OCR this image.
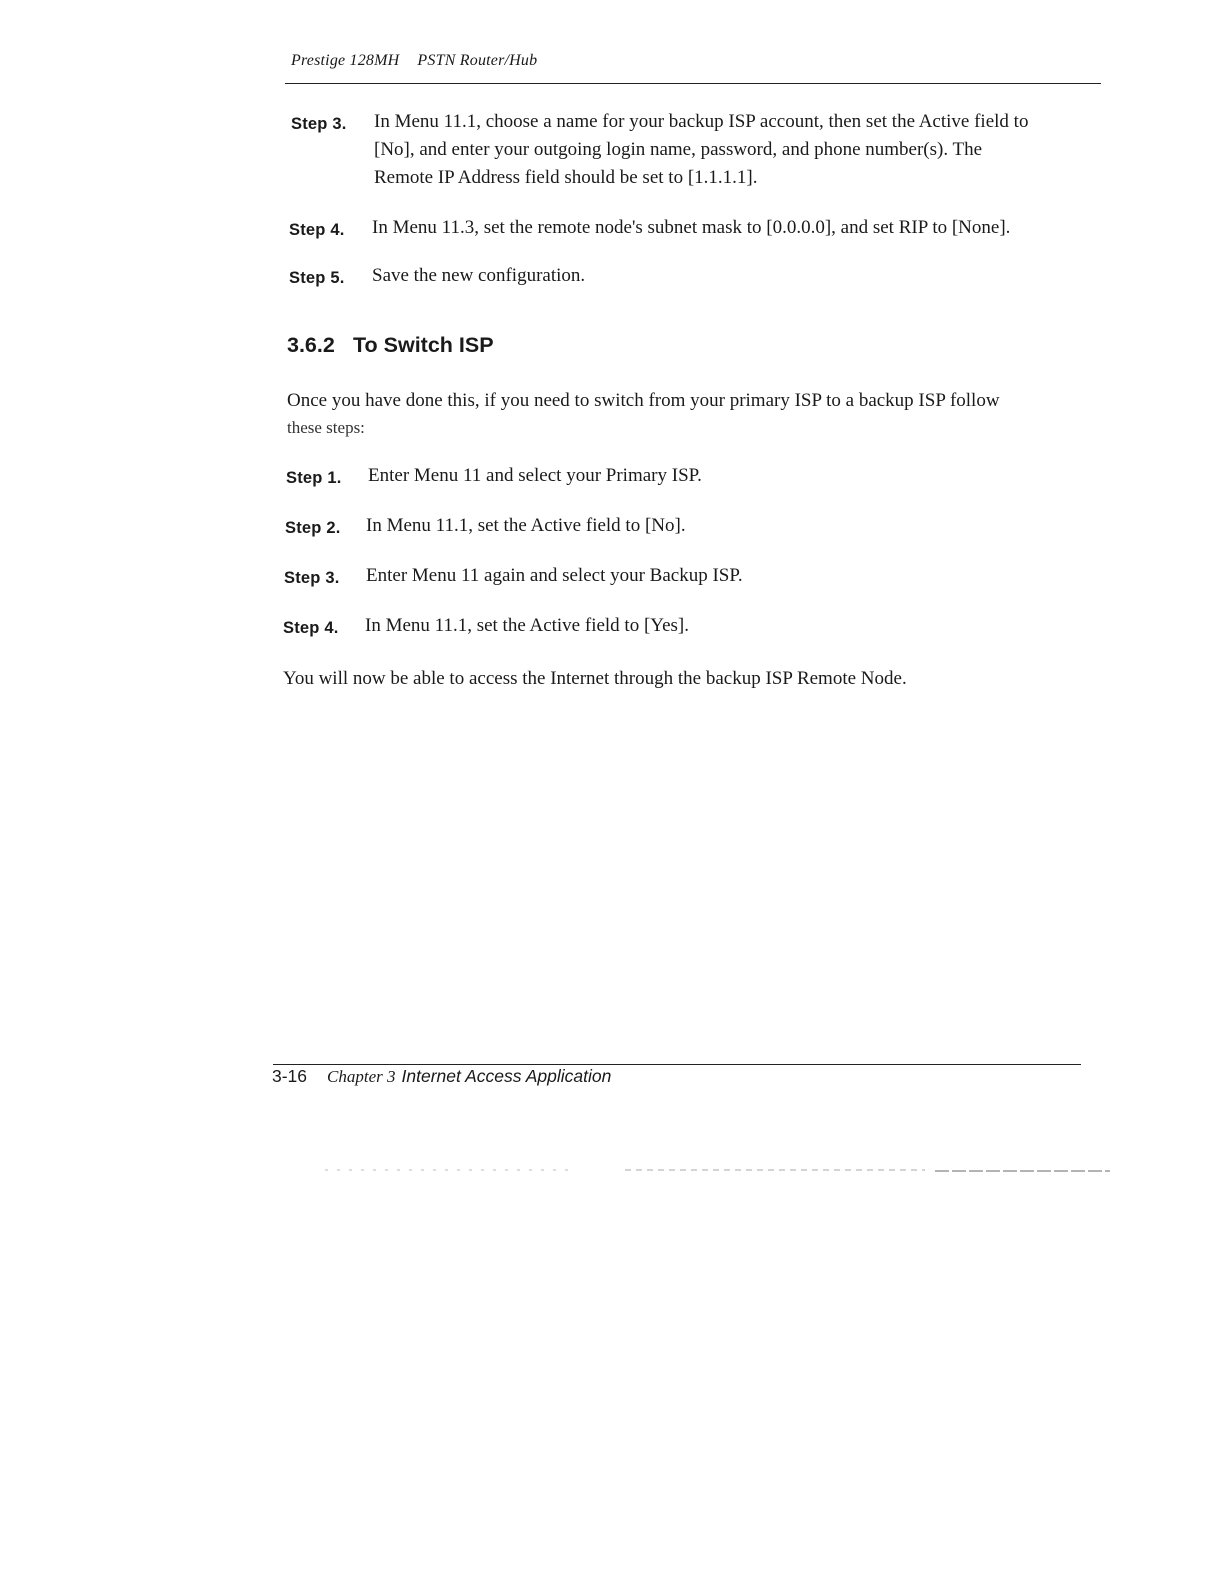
Prestige 128MH PSTN Router/Hub
Step 3. In Menu 11.1, choose a name for your backup ISP account, then set the Active field to
[No], and enter your outgoing login name, password, and phone number(s). The
Remote IP Address field should be set to [1.1.1.1].
Step 4. In Menu 11.3, set the remote node's subnet mask to [0.0.0.0], and set RIP to [None].
Step 5. Save the new configuration.
3.6.2 To Switch ISP
Once you have done this, if you need to switch from your primary ISP to a backup ISP follow
these steps:
Step 1. Enter Menu 11 and select your Primary ISP.
Step 2. In Menu 11.1, set the Active field to [No].
Step 3. Enter Menu 11 again and select your Backup ISP.
Step 4. In Menu 11.1, set the Active field to [Yes].
You will now be able to access the Internet through the backup ISP Remote Node.
3-16 Chapter 3 Internet Access Application
